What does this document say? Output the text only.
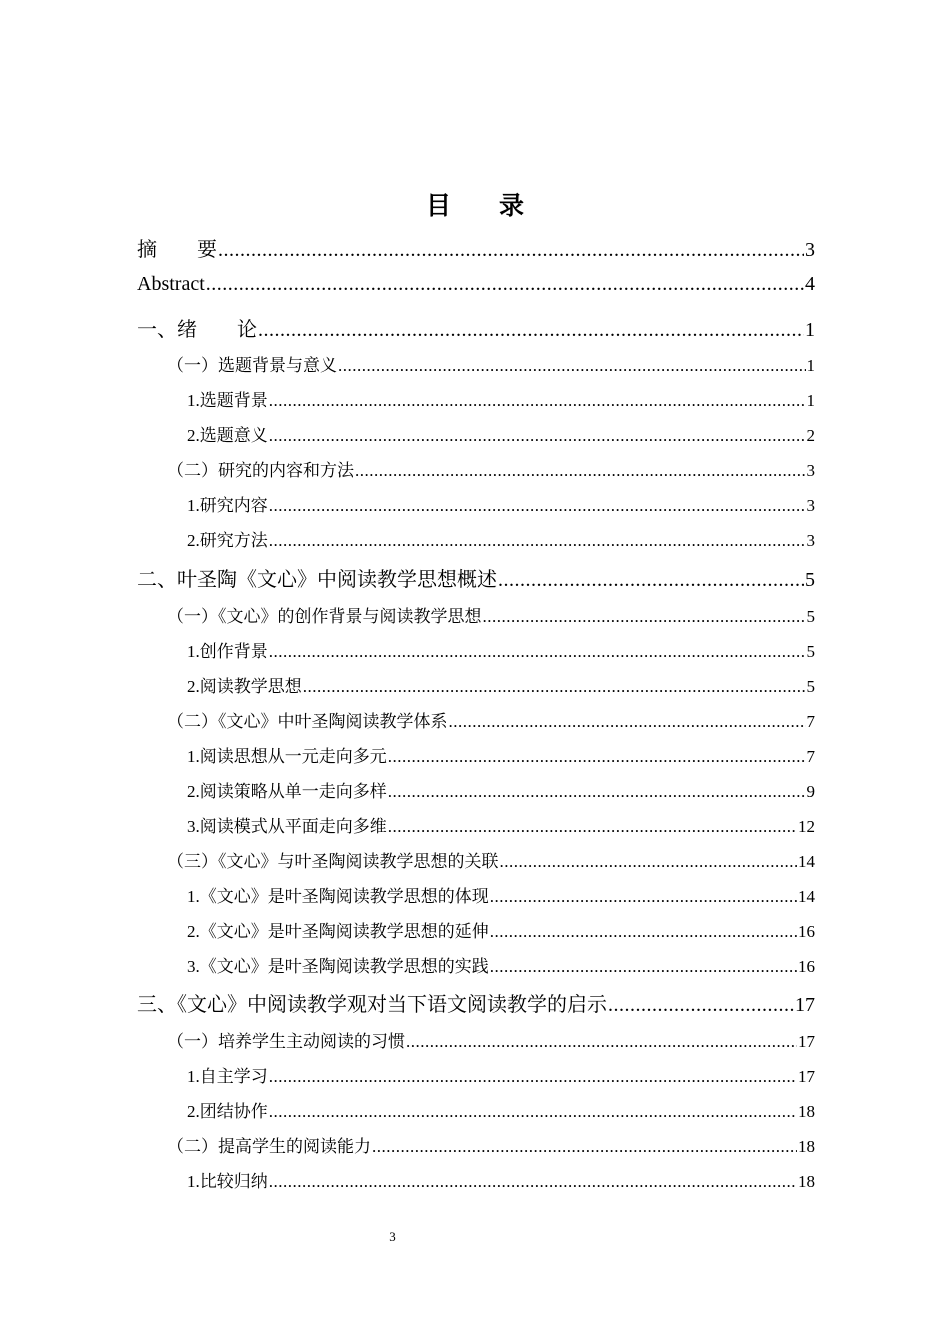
目录
摘　　要 .....	3
Abstract .....	4
一、绪　　论 .....	1
（一）选题背景与意义 .....	1
1.选题背景 .....	1
2.选题意义 .....	2
（二）研究的内容和方法 .....	3
1.研究内容 .....	3
2.研究方法 .....	3
二、叶圣陶《文心》中阅读教学思想概述 .....	5
（一）《文心》的创作背景与阅读教学思想 .....	5
1.创作背景 .....	5
2.阅读教学思想 .....	5
（二）《文心》中叶圣陶阅读教学体系 .....	7
1.阅读思想从一元走向多元 .....	7
2.阅读策略从单一走向多样 .....	9
3.阅读模式从平面走向多维 .....	12
（三）《文心》与叶圣陶阅读教学思想的关联 .....	14
1.《文心》是叶圣陶阅读教学思想的体现 .....	14
2.《文心》是叶圣陶阅读教学思想的延伸 .....	16
3.《文心》是叶圣陶阅读教学思想的实践 .....	16
三、《文心》中阅读教学观对当下语文阅读教学的启示 .....	17
（一）培养学生主动阅读的习惯 .....	17
1.自主学习 .....	17
2.团结协作 .....	18
（二）提高学生的阅读能力 .....	18
1.比较归纳 .....	18
3
